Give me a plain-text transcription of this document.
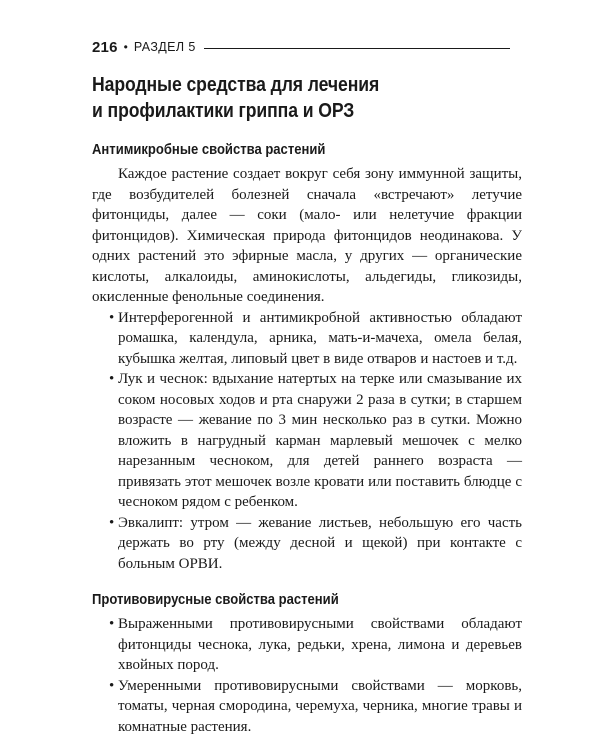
216 • РАЗДЕЛ 5
Народные средства для лечения
и профилактики гриппа и ОРЗ
Антимикробные свойства растений

Каждое растение создает вокруг себя зону иммунной защиты, где возбудителей болезней сначала «встречают» летучие фитонциды, далее — соки (мало- или нелетучие фракции фитонцидов). Химическая природа фитонцидов неодинакова. У одних растений это эфирные масла, у других — органические кислоты, алкалоиды, аминокислоты, альдегиды, гликозиды, окисленные фенольные соединения.

• Интерферогенной и антимикробной активностью обладают ромашка, календула, арника, мать-и-мачеха, омела белая, кубышка желтая, липовый цвет в виде отваров и настоев и т.д.
• Лук и чеснок: вдыхание натертых на терке или смазывание их соком носовых ходов и рта снаружи 2 раза в сутки; в старшем возрасте — жевание по 3 мин несколько раз в сутки. Можно вложить в нагрудный карман марлевый мешочек с мелко нарезанным чесноком, для детей раннего возраста — привязать этот мешочек возле кровати или поставить блюдце с чесноком рядом с ребенком.
• Эвкалипт: утром — жевание листьев, небольшую его часть держать во рту (между десной и щекой) при контакте с больным ОРВИ.
Противовирусные свойства растений
• Выраженными противовирусными свойствами обладают фитонциды чеснока, лука, редьки, хрена, лимона и деревьев хвойных пород.
• Умеренными противовирусными свойствами — морковь, томаты, черная смородина, черемуха, черника, многие травы и комнатные растения.
